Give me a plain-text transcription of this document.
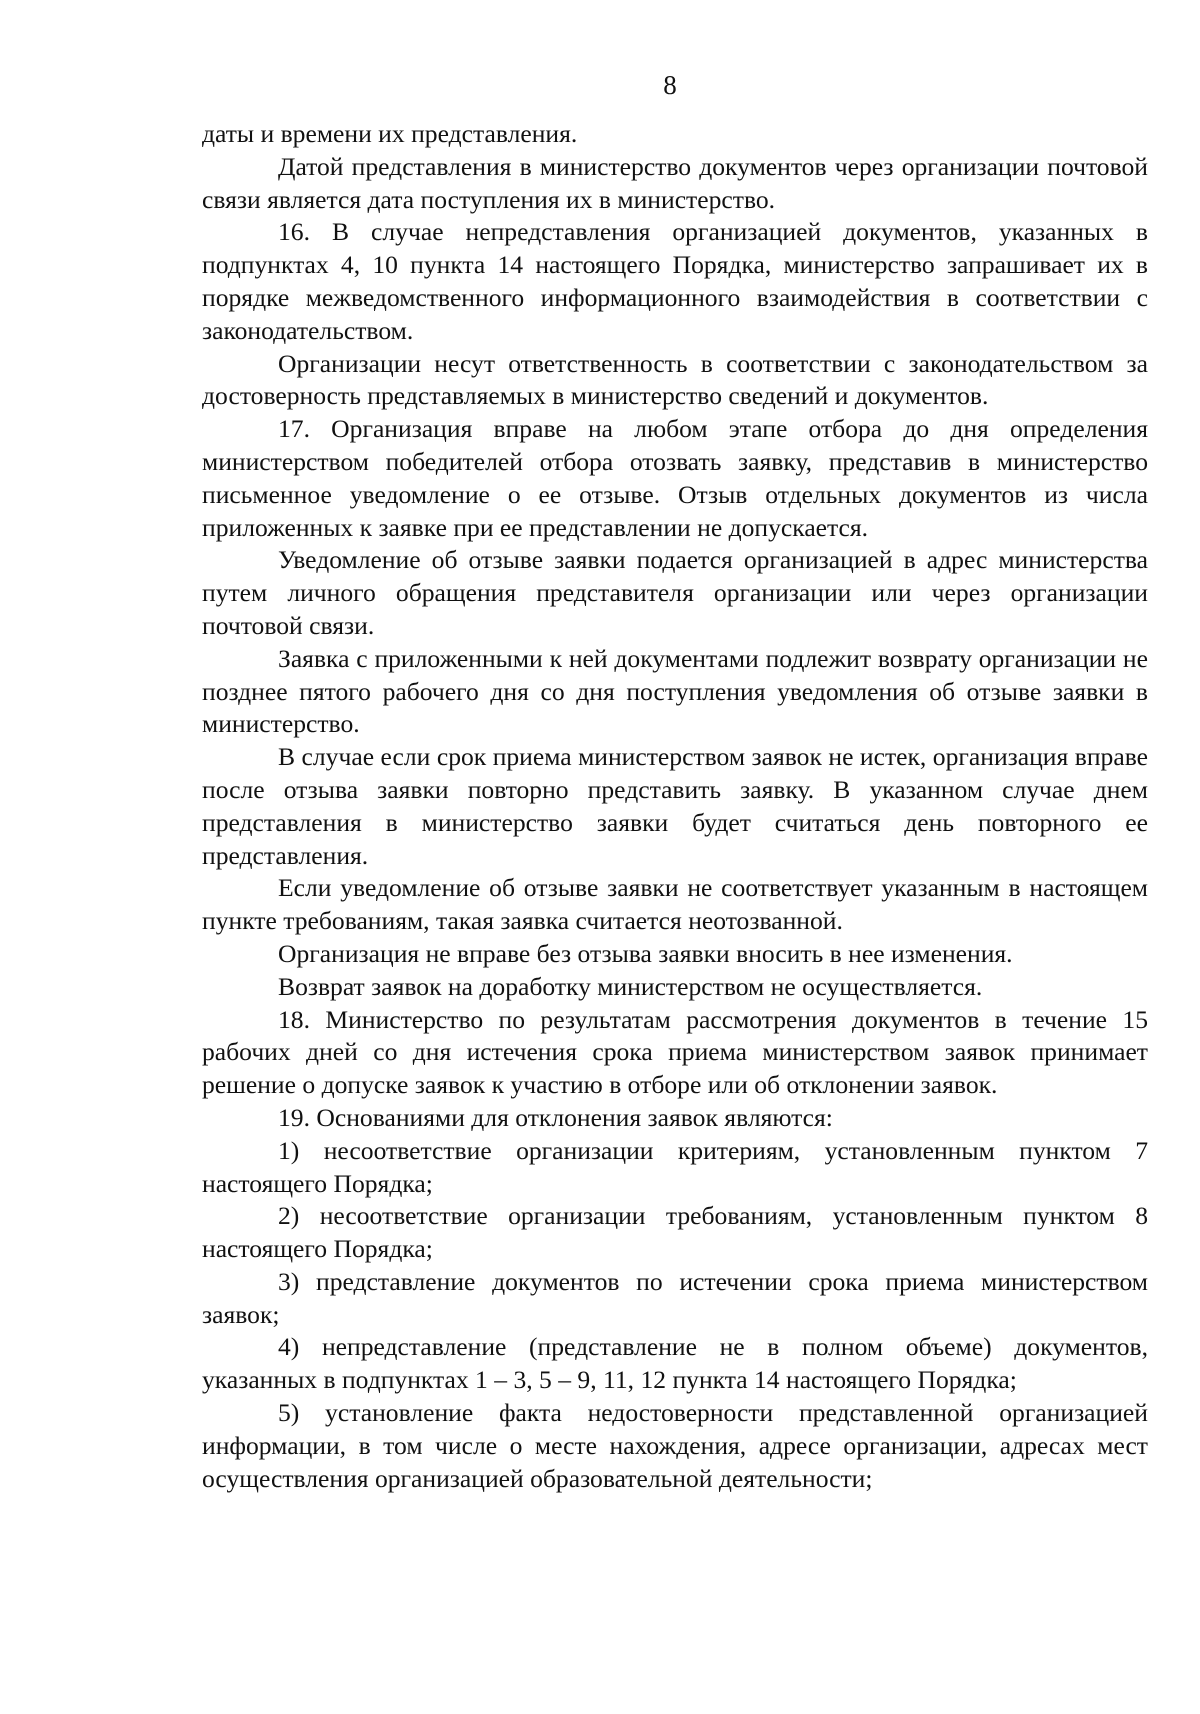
8

даты и времени их представления.

Датой представления в министерство документов через организации почтовой связи является дата поступления их в министерство.

16. В случае непредставления организацией документов, указанных в подпунктах 4, 10 пункта 14 настоящего Порядка, министерство запрашивает их в порядке межведомственного информационного взаимодействия в соответствии с законодательством.

Организации несут ответственность в соответствии с законодательством за достоверность представляемых в министерство сведений и документов.

17. Организация вправе на любом этапе отбора до дня определения министерством победителей отбора отозвать заявку, представив в министерство письменное уведомление о ее отзыве. Отзыв отдельных документов из числа приложенных к заявке при ее представлении не допускается.

Уведомление об отзыве заявки подается организацией в адрес министерства путем личного обращения представителя организации или через организации почтовой связи.

Заявка с приложенными к ней документами подлежит возврату организации не позднее пятого рабочего дня со дня поступления уведомления об отзыве заявки в министерство.

В случае если срок приема министерством заявок не истек, организация вправе после отзыва заявки повторно представить заявку. В указанном случае днем представления в министерство заявки будет считаться день повторного ее представления.

Если уведомление об отзыве заявки не соответствует указанным в настоящем пункте требованиям, такая заявка считается неотозванной.

Организация не вправе без отзыва заявки вносить в нее изменения.

Возврат заявок на доработку министерством не осуществляется.

18. Министерство по результатам рассмотрения документов в течение 15 рабочих дней со дня истечения срока приема министерством заявок принимает решение о допуске заявок к участию в отборе или об отклонении заявок.

19. Основаниями для отклонения заявок являются:

1) несоответствие организации критериям, установленным пунктом 7 настоящего Порядка;

2) несоответствие организации требованиям, установленным пунктом 8 настоящего Порядка;

3) представление документов по истечении срока приема министерством заявок;

4) непредставление (представление не в полном объеме) документов, указанных в подпунктах 1 – 3, 5 – 9, 11, 12 пункта 14 настоящего Порядка;

5) установление факта недостоверности представленной организацией информации, в том числе о месте нахождения, адресе организации, адресах мест осуществления организацией образовательной деятельности;
